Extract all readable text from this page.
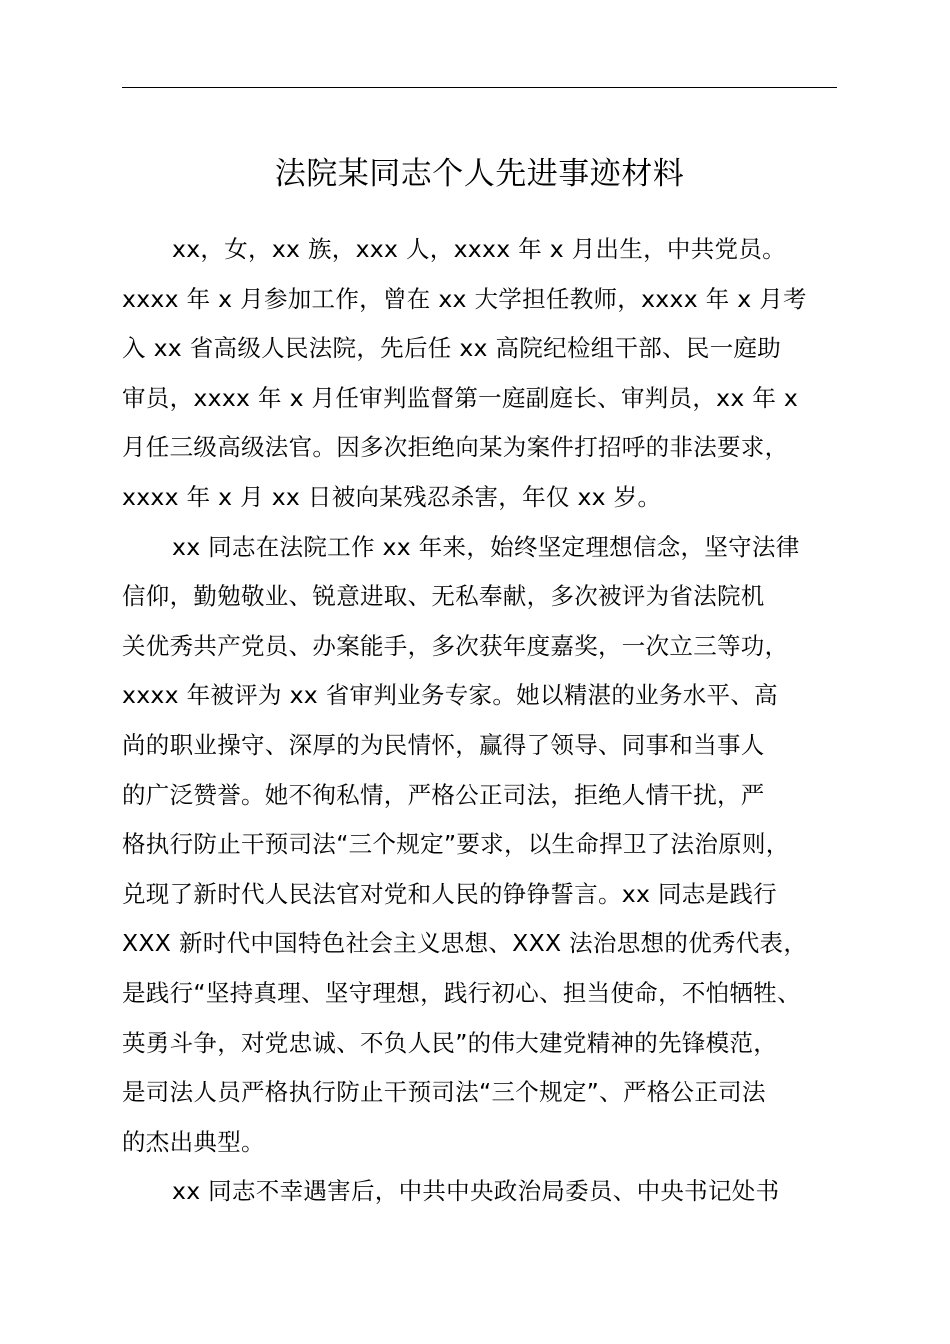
法院某同志个人先进事迹材料
xx，女，xx 族，xxx 人，xxxx 年 x 月出生，中共党员。
xxxx 年 x 月参加工作，曾在 xx 大学担任教师，xxxx 年 x 月考
入 xx 省高级人民法院，先后任 xx 高院纪检组干部、民一庭助
审员，xxxx 年 x 月任审判监督第一庭副庭长、审判员，xx 年 x
月任三级高级法官。因多次拒绝向某为案件打招呼的非法要求，
xxxx 年 x 月 xx 日被向某残忍杀害，年仅 xx 岁。
xx 同志在法院工作 xx 年来，始终坚定理想信念，坚守法律
信仰，勤勉敬业、锐意进取、无私奉献，多次被评为省法院机
关优秀共产党员、办案能手，多次获年度嘉奖，一次立三等功，
xxxx 年被评为 xx 省审判业务专家。她以精湛的业务水平、高
尚的职业操守、深厚的为民情怀，赢得了领导、同事和当事人
的广泛赞誉。她不徇私情，严格公正司法，拒绝人情干扰，严
格执行防止干预司法“三个规定”要求，以生命捍卫了法治原则，
兑现了新时代人民法官对党和人民的铮铮誓言。xx 同志是践行
XXX 新时代中国特色社会主义思想、XXX 法治思想的优秀代表，
是践行“坚持真理、坚守理想，践行初心、担当使命，不怕牺牲、
英勇斗争，对党忠诚、不负人民”的伟大建党精神的先锋模范，
是司法人员严格执行防止干预司法“三个规定”、严格公正司法
的杰出典型。
xx 同志不幸遇害后，中共中央政治局委员、中央书记处书
